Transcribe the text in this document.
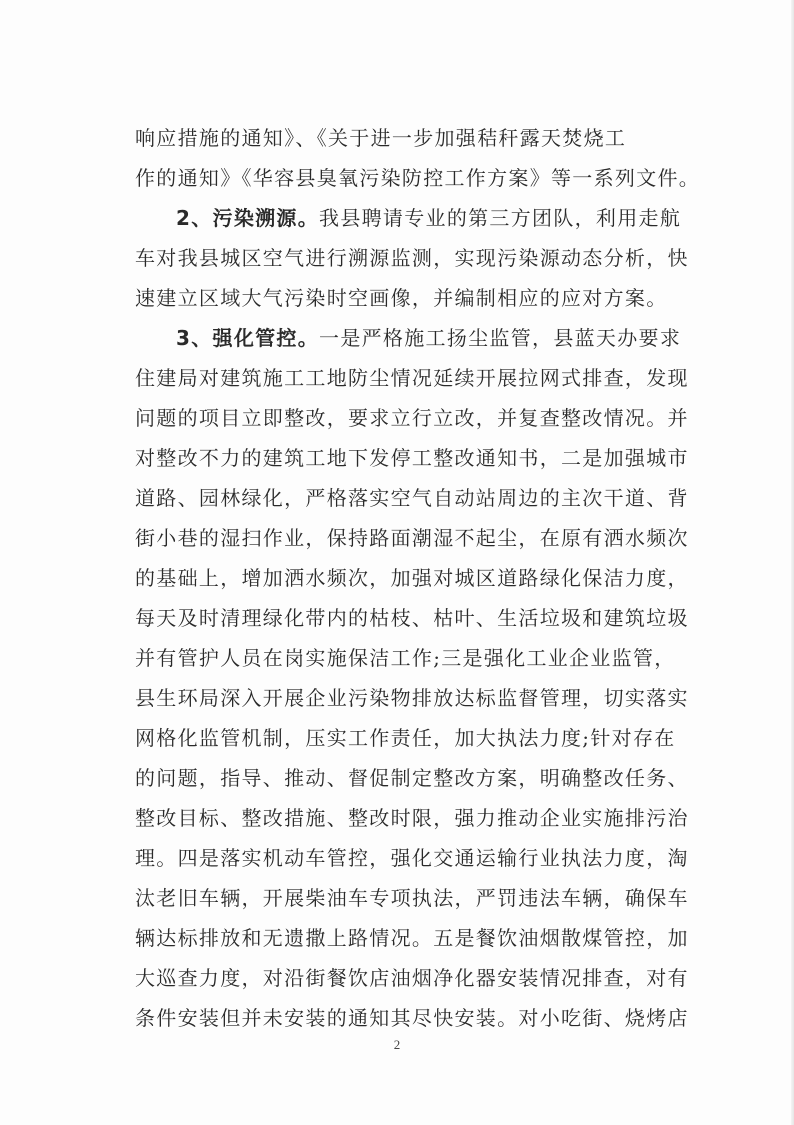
响应措施的通知》、《关于进一步加强秸秆露天焚烧工
作的通知》《华容县臭氧污染防控工作方案》等一系列文件。
2、污染溯源。我县聘请专业的第三方团队，利用走航
车对我县城区空气进行溯源监测，实现污染源动态分析，快
速建立区域大气污染时空画像，并编制相应的应对方案。
3、强化管控。一是严格施工扬尘监管，县蓝天办要求
住建局对建筑施工工地防尘情况延续开展拉网式排查，发现
问题的项目立即整改，要求立行立改，并复查整改情况。并
对整改不力的建筑工地下发停工整改通知书，二是加强城市
道路、园林绿化，严格落实空气自动站周边的主次干道、背
街小巷的湿扫作业，保持路面潮湿不起尘，在原有洒水频次
的基础上，增加洒水频次，加强对城区道路绿化保洁力度，
每天及时清理绿化带内的枯枝、枯叶、生活垃圾和建筑垃圾
并有管护人员在岗实施保洁工作;三是强化工业企业监管，
县生环局深入开展企业污染物排放达标监督管理，切实落实
网格化监管机制，压实工作责任，加大执法力度;针对存在
的问题，指导、推动、督促制定整改方案，明确整改任务、
整改目标、整改措施、整改时限，强力推动企业实施排污治
理。四是落实机动车管控，强化交通运输行业执法力度，淘
汰老旧车辆，开展柴油车专项执法，严罚违法车辆，确保车
辆达标排放和无遗撒上路情况。五是餐饮油烟散煤管控，加
大巡查力度，对沿街餐饮店油烟净化器安装情况排查，对有
条件安装但并未安装的通知其尽快安装。对小吃街、烧烤店
2
